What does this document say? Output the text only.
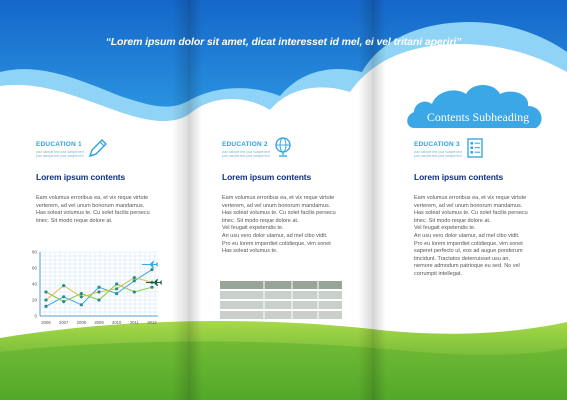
“Lorem ipsum dolor sit amet, dicat interesset id mel, ei vel tritani aperiri”
Contents Subheading
EDUCATION 1
your sample text your sample text
your sample text your sample text
Lorem ipsum contents
Eam volumus erroribus ea, et vix reque virtute
verterem, ad vel unum bonorum mandamus.
Has soleat volumus te. Cu solet facilis persecu
tinec. Sit modo reque dolore at.
0
20
40
60
80
2006 2007 2008 2009 2010 2011 2012
EDUCATION 2
your sample text your sample text
your sample text your sample text
Lorem ipsum contents
Eam volumus erroribus ea, et vix reque virtute
verterem, ad vel unum bonorum mandamus.
Has soleat volumus te. Cu solet facilis persecu
tinec. Sit modo reque dolore at.
Vel feugait expetendis te.
An usu vero dolor utamur, ad mel cibo vidit.
Pro eu lorem imperdiet cotidieque, vim sonet
Has soleat volumus te.
EDUCATION 3
your sample text your sample text
your sample text your sample text
Lorem ipsum contents
Eam volumus erroribus ea, et vix reque virtute
verterem, ad vel unum bonorum mandamus.
Has soleat volumus te. Cu solet facilis persecu
tinec. Sit modo reque dolore at.
Vel feugait expetendis te.
An usu vero dolor utamur, ad mel cibo vidit.
Pro eu lorem imperdiet cotidieque, vim sonet
saperet perfecto ut, eos ad augue ponderum
tincidunt. Tractatos deterruisset usu an,
nemore admodum patrioque eu sed. No vel
corrumpit intellegat.
